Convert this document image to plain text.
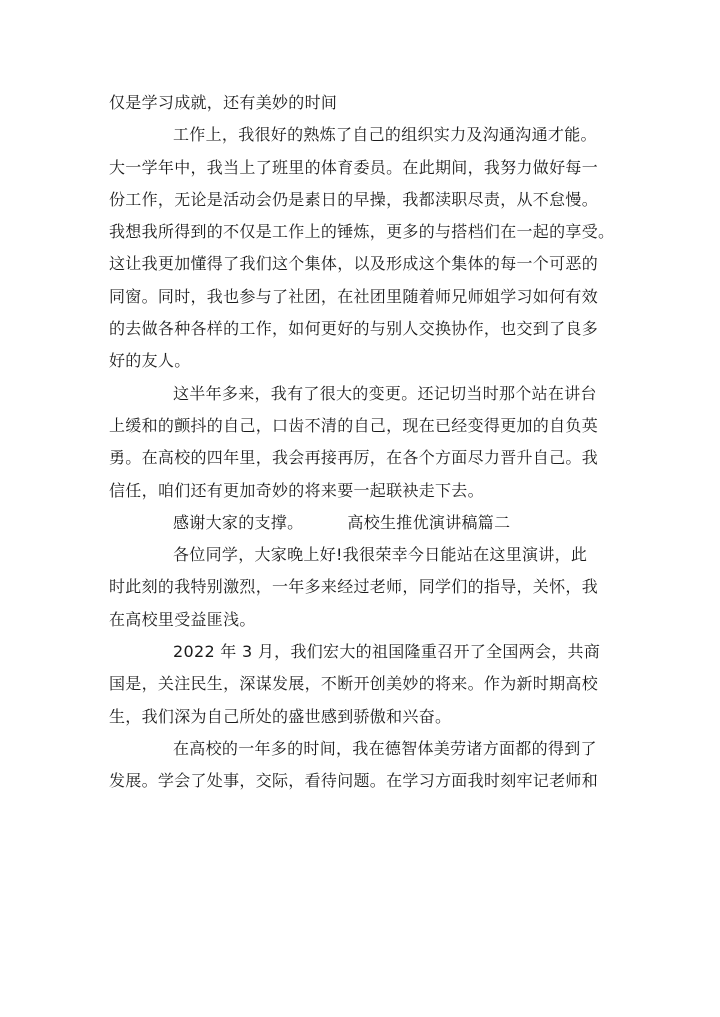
仅是学习成就，还有美妙的时间
工作上，我很好的熟炼了自己的组织实力及沟通沟通才能。
大一学年中，我当上了班里的体育委员。在此期间，我努力做好每一
份工作，无论是活动会仍是素日的早操，我都渎职尽责，从不怠慢。
我想我所得到的不仅是工作上的锤炼，更多的与搭档们在一起的享受。
这让我更加懂得了我们这个集体，以及形成这个集体的每一个可恶的
同窗。同时，我也参与了社团，在社团里随着师兄师姐学习如何有效
的去做各种各样的工作，如何更好的与别人交换协作，也交到了良多
好的友人。
这半年多来，我有了很大的变更。还记切当时那个站在讲台
上缓和的颤抖的自己，口齿不清的自己，现在已经变得更加的自负英
勇。在高校的四年里，我会再接再厉，在各个方面尽力晋升自己。我
信任，咱们还有更加奇妙的将来要一起联袂走下去。
感谢大家的支撑。	高校生推优演讲稿篇二
各位同学，大家晚上好!我很荣幸今日能站在这里演讲，此
时此刻的我特别激烈，一年多来经过老师，同学们的指导，关怀，我
在高校里受益匪浅。
2022 年 3 月，我们宏大的祖国隆重召开了全国两会，共商
国是，关注民生，深谋发展，不断开创美妙的将来。作为新时期高校
生，我们深为自己所处的盛世感到骄傲和兴奋。
在高校的一年多的时间，我在德智体美劳诸方面都的得到了
发展。学会了处事，交际，看待问题。在学习方面我时刻牢记老师和
